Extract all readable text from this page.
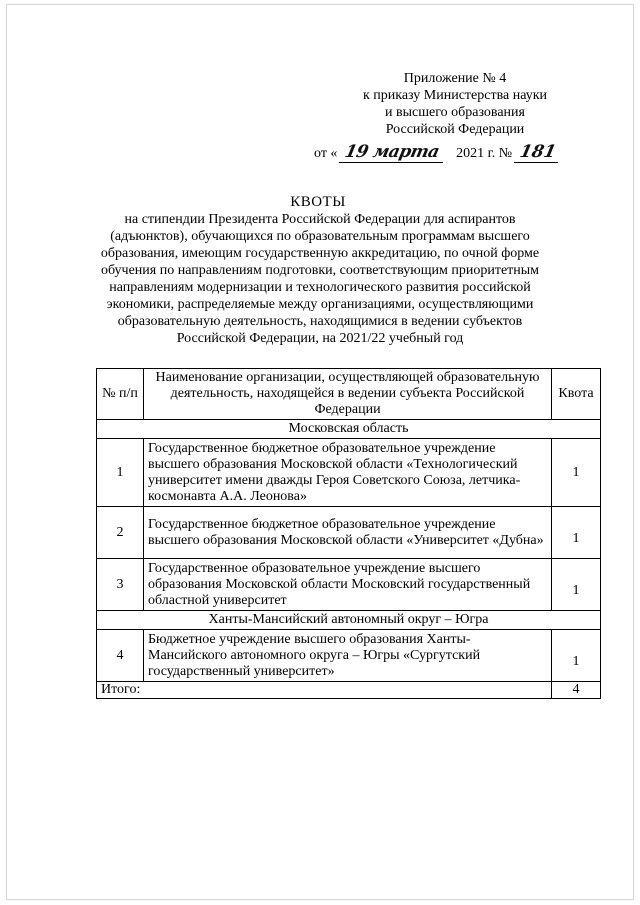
Приложение № 4
к приказу Министерства науки
и высшего образования
Российской Федерации
от « 19 марта 2021 г. № 181
КВОТЫ
на стипендии Президента Российской Федерации для аспирантов (адъюнктов), обучающихся по образовательным программам высшего образования, имеющим государственную аккредитацию, по очной форме обучения по направлениям подготовки, соответствующим приоритетным направлениям модернизации и технологического развития российской экономики, распределяемые между организациями, осуществляющими образовательную деятельность, находящимися в ведении субъектов Российской Федерации, на 2021/22 учебный год
№ п/п	Наименование организации, осуществляющей образовательную деятельность, находящейся в ведении субъекта Российской Федерации	Квота
Московская область		
1	Государственное бюджетное образовательное учреждение высшего образования Московской области «Технологический университет имени дважды Героя Советского Союза, летчика-космонавта А.А. Леонова»	1
2	Государственное бюджетное образовательное учреждение высшего образования Московской области «Университет «Дубна»	1
3	Государственное образовательное учреждение высшего образования Московской области Московский государственный областной университет	1
Ханты-Мансийский автономный округ – Югра		
4	Бюджетное учреждение высшего образования Ханты-Мансийского автономного округа – Югры «Сургутский государственный университет»	1
Итого:		4
